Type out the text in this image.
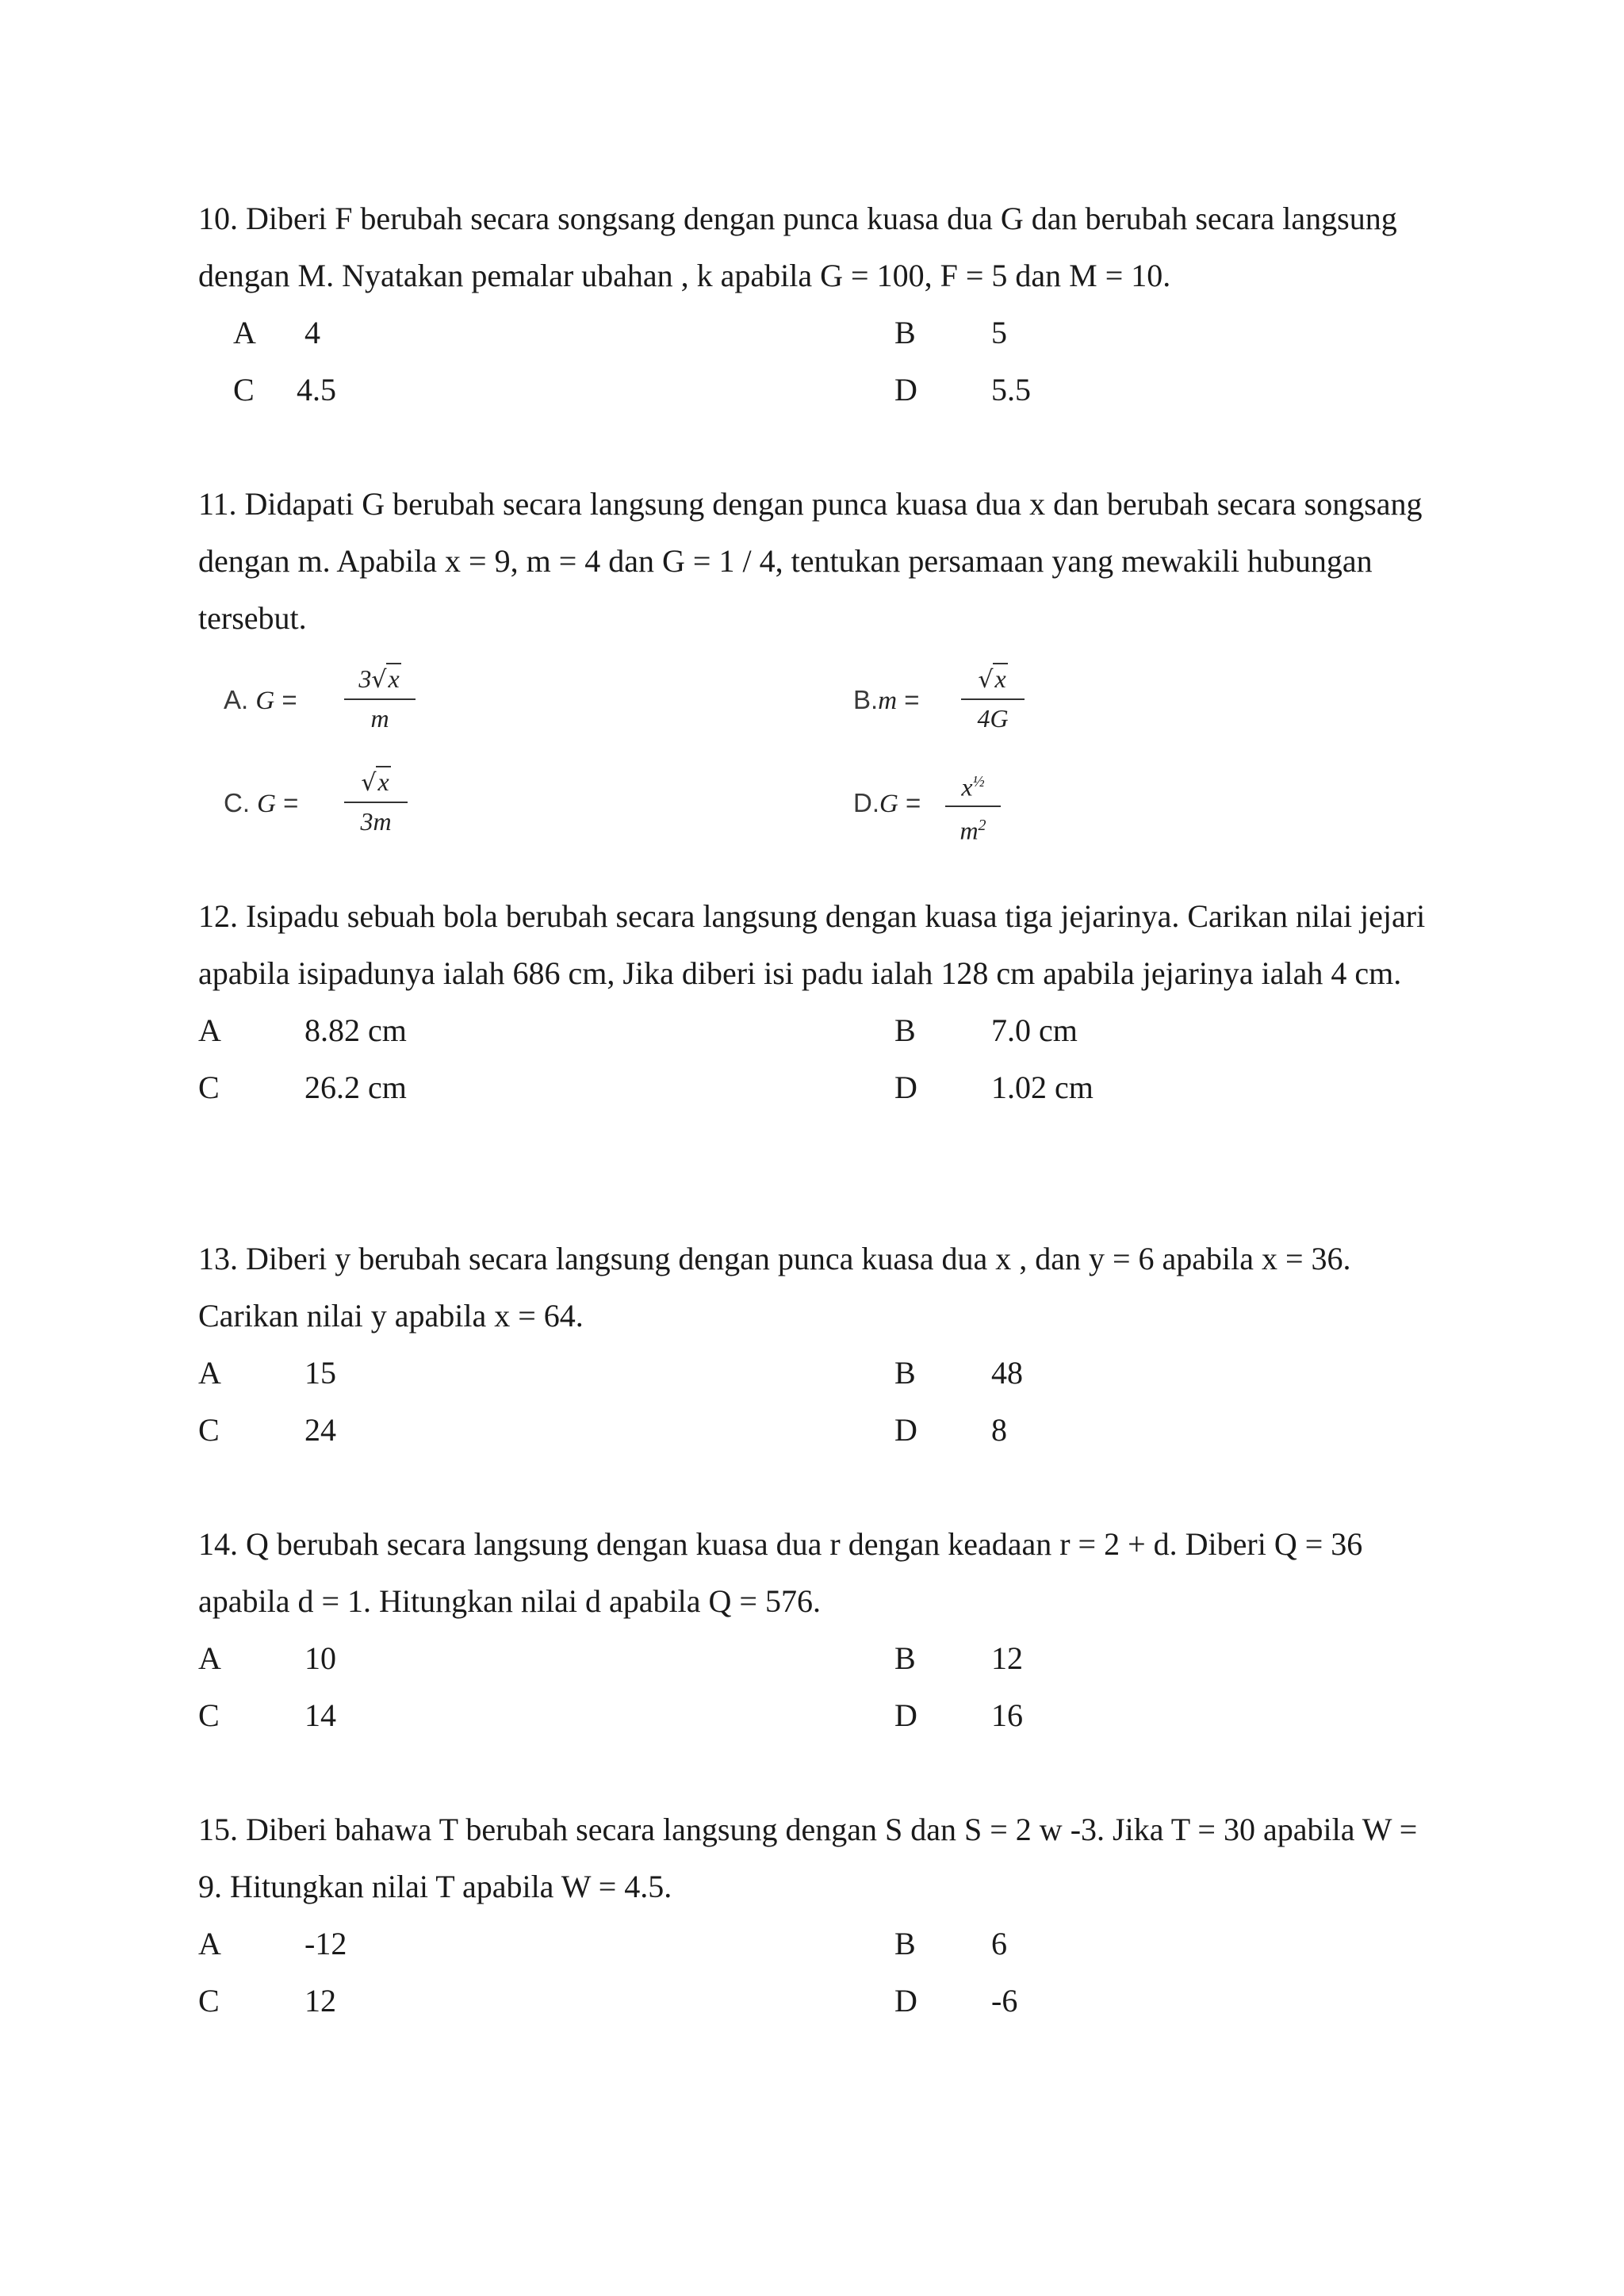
10. Diberi F berubah secara songsang dengan punca kuasa dua G dan berubah secara langsung dengan M. Nyatakan pemalar ubahan , k apabila G = 100, F = 5 dan M = 10.

A 4	B 5
C 4.5	D 5.5

11. Didapati G berubah secara langsung dengan punca kuasa dua x dan berubah secara songsang dengan m. Apabila x = 9, m = 4 dan G = 1 / 4, tentukan persamaan yang mewakili hubungan tersebut.

A. G =
3√x
m
B.m =
√x
4G
C. G =
√x
3m
D.G =
$x^{\frac{1}{2}}$
$m^2$

12. Isipadu sebuah bola berubah secara langsung dengan kuasa tiga jejarinya. Carikan nilai jejari apabila isipadunya ialah 686 cm, Jika diberi isi padu ialah 128 cm apabila jejarinya ialah 4 cm.

A	8.82 cm	B 7.0 cm
C	26.2 cm	D 1.02 cm

13. Diberi y berubah secara langsung dengan punca kuasa dua x , dan y = 6 apabila x = 36. Carikan nilai y apabila x = 64.

A	15	B 48
C	24	D 8

14. Q berubah secara langsung dengan kuasa dua r dengan keadaan r = 2 + d. Diberi Q = 36 apabila d = 1. Hitungkan nilai d apabila Q = 576.

A	10	B 12
C	14	D 16

15. Diberi bahawa T berubah secara langsung dengan S dan S = 2 w -3. Jika T = 30 apabila W = 9. Hitungkan nilai T apabila W = 4.5.

A	-12	B 6
C	12	D -6
